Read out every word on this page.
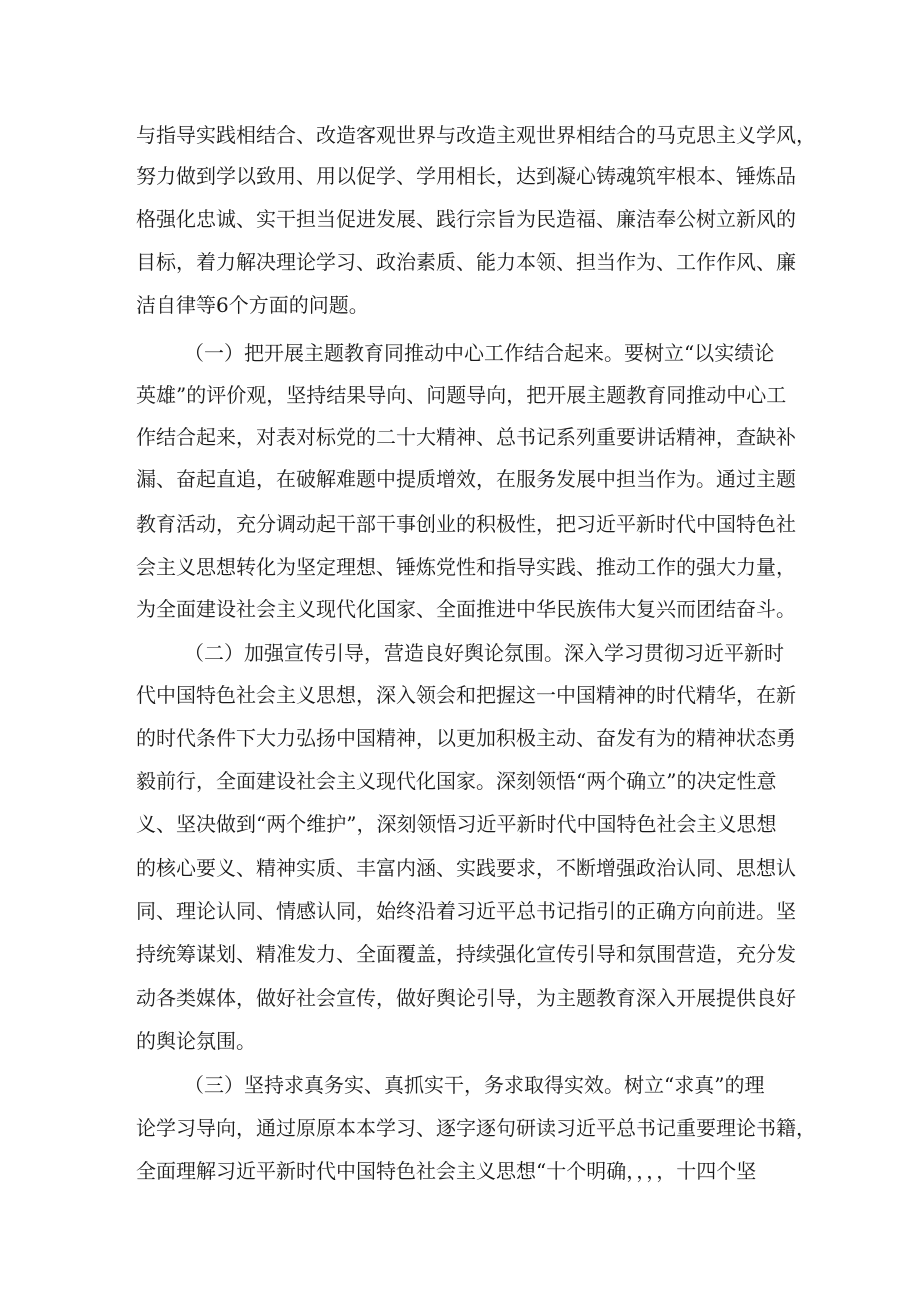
与指导实践相结合、改造客观世界与改造主观世界相结合的马克思主义学风，

努力做到学以致用、用以促学、学用相长，达到凝心铸魂筑牢根本、锤炼品

格强化忠诚、实干担当促进发展、践行宗旨为民造福、廉洁奉公树立新风的

目标，着力解决理论学习、政治素质、能力本领、担当作为、工作作风、廉

洁自律等6个方面的问题。

（一）把开展主题教育同推动中心工作结合起来。要树立“以实绩论

英雄”的评价观，坚持结果导向、问题导向，把开展主题教育同推动中心工

作结合起来，对表对标党的二十大精神、总书记系列重要讲话精神，查缺补

漏、奋起直追，在破解难题中提质增效，在服务发展中担当作为。通过主题

教育活动，充分调动起干部干事创业的积极性，把习近平新时代中国特色社

会主义思想转化为坚定理想、锤炼党性和指导实践、推动工作的强大力量，

为全面建设社会主义现代化国家、全面推进中华民族伟大复兴而团结奋斗。

（二）加强宣传引导，营造良好舆论氛围。深入学习贯彻习近平新时

代中国特色社会主义思想，深入领会和把握这一中国精神的时代精华，在新

的时代条件下大力弘扬中国精神，以更加积极主动、奋发有为的精神状态勇

毅前行，全面建设社会主义现代化国家。深刻领悟“两个确立”的决定性意

义、坚决做到“两个维护”，深刻领悟习近平新时代中国特色社会主义思想

的核心要义、精神实质、丰富内涵、实践要求，不断增强政治认同、思想认

同、理论认同、情感认同，始终沿着习近平总书记指引的正确方向前进。坚

持统筹谋划、精准发力、全面覆盖，持续强化宣传引导和氛围营造，充分发

动各类媒体，做好社会宣传，做好舆论引导，为主题教育深入开展提供良好

的舆论氛围。

（三）坚持求真务实、真抓实干，务求取得实效。树立“求真”的理

论学习导向，通过原原本本学习、逐字逐句研读习近平总书记重要理论书籍，

全面理解习近平新时代中国特色社会主义思想“十个明确，，，，十四个坚
